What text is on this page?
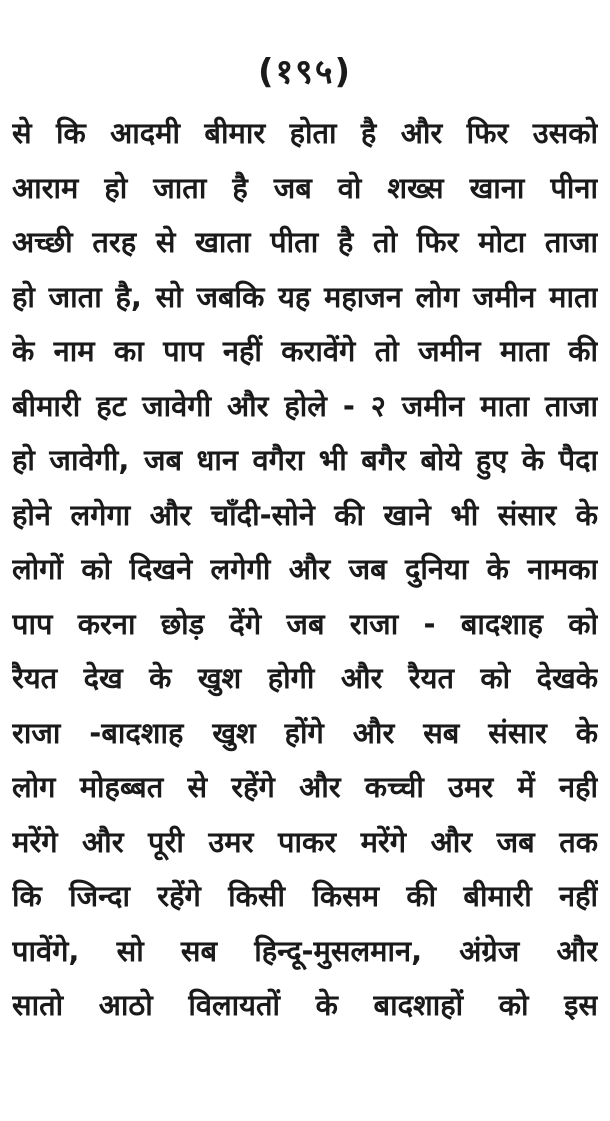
(१९५)
से कि आदमी बीमार होता है और फिर उसको
आराम हो जाता है जब वो शख्स खाना पीना
अच्छी तरह से खाता पीता है तो फिर मोटा ताजा
हो जाता है, सो जबकि यह महाजन लोग जमीन माता
के नाम का पाप नहीं करावेंगे तो जमीन माता की
बीमारी हट जावेगी और होले - २ जमीन माता ताजा
हो जावेगी, जब धान वगैरा भी बगैर बोये हुए के पैदा
होने लगेगा और चाँदी-सोने की खाने भी संसार के
लोगों को दिखने लगेगी और जब दुनिया के नामका
पाप करना छोड़ देंगे जब राजा - बादशाह को
रैयत देख के खुश होगी और रैयत को देखके
राजा -बादशाह खुश होंगे और सब संसार के
लोग मोहब्बत से रहेंगे और कच्ची उमर में नही
मरेंगे और पूरी उमर पाकर मरेंगे और जब तक
कि जिन्दा रहेंगे किसी किसम की बीमारी नहीं
पावेंगे, सो सब हिन्दू-मुसलमान, अंग्रेज और
सातो आठो विलायतों के बादशाहों को इस
